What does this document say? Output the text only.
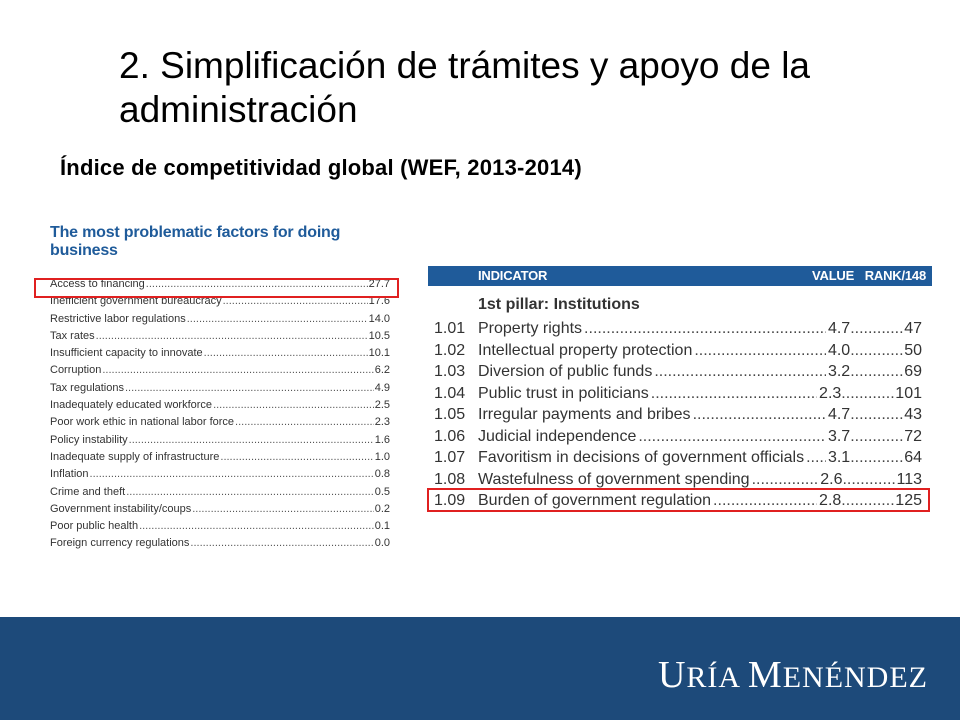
2. Simplificación de trámites y apoyo de la administración
Índice de competitividad global (WEF, 2013-2014)
The most problematic factors for doing business
Access to financing .....	27.7
Inefficient government bureaucracy .....	17.6
Restrictive labor regulations .....	14.0
Tax rates .....	10.5
Insufficient capacity to innovate .....	10.1
Corruption .....	6.2
Tax regulations .....	4.9
Inadequately educated workforce .....	2.5
Poor work ethic in national labor force .....	2.3
Policy instability .....	1.6
Inadequate supply of infrastructure .....	1.0
Inflation .....	0.8
Crime and theft .....	0.5
Government instability/coups .....	0.2
Poor public health .....	0.1
Foreign currency regulations .....	0.0
INDICATOR	VALUE RANK/148
1st pillar: Institutions
1.01 Property rights .....	4.7 .....	47
1.02 Intellectual property protection .....	4.0 .....	50
1.03 Diversion of public funds .....	3.2 .....	69
1.04 Public trust in politicians .....	2.3 .....	101
1.05 Irregular payments and bribes .....	4.7 .....	43
1.06 Judicial independence .....	3.7 .....	72
1.07 Favoritism in decisions of government officials ..... 3.1 .....	64
1.08 Wastefulness of government spending .....	2.6 .....	113
1.09 Burden of government regulation .....	2.8 .....	125
URÍA MENÉNDEZ
